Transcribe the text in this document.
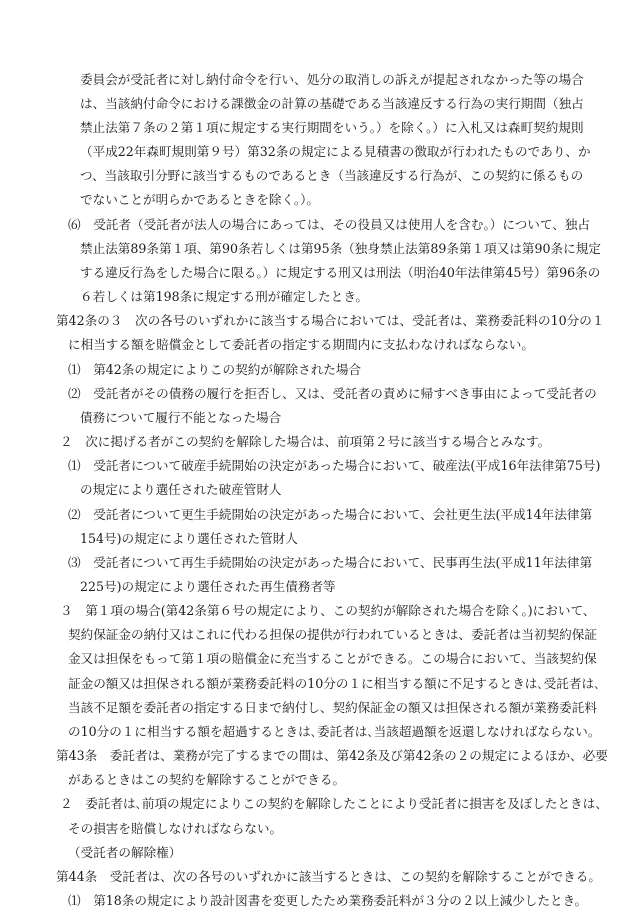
委員会が受託者に対し納付命令を行い、処分の取消しの訴えが提起されなかった等の場合
は、当該納付命令における課徴金の計算の基礎である当該違反する行為の実行期間（独占
禁止法第７条の２第１項に規定する実行期間をいう。）を除く。）に入札又は森町契約規則
（平成22年森町規則第９号）第32条の規定による見積書の徴取が行われたものであり、か
つ、当該取引分野に該当するものであるとき（当該違反する行為が、この契約に係るもの
でないことが明らかであるときを除く。）。
⑹　受託者（受託者が法人の場合にあっては、その役員又は使用人を含む。）について、独占
禁止法第89条第１項、第90条若しくは第95条（独身禁止法第89条第１項又は第90条に規定
する違反行為をした場合に限る。）に規定する刑又は刑法（明治40年法律第45号）第96条の
６若しくは第198条に規定する刑が確定したとき。
第42条の３　次の各号のいずれかに該当する場合においては、受託者は、業務委託料の10分の１
に相当する額を賠償金として委託者の指定する期間内に支払わなければならない。
⑴　第42条の規定によりこの契約が解除された場合
⑵　受託者がその債務の履行を拒否し、又は、受託者の責めに帰すべき事由によって受託者の
債務について履行不能となった場合
２　次に掲げる者がこの契約を解除した場合は、前項第２号に該当する場合とみなす。
⑴　受託者について破産手続開始の決定があった場合において、破産法(平成16年法律第75号)
の規定により選任された破産管財人
⑵　受託者について更生手続開始の決定があった場合において、会社更生法(平成14年法律第
154号)の規定により選任された管財人
⑶　受託者について再生手続開始の決定があった場合において、民事再生法(平成11年法律第
225号)の規定により選任された再生債務者等
３　第１項の場合(第42条第６号の規定により、この契約が解除された場合を除く。)において、
契約保証金の納付又はこれに代わる担保の提供が行われているときは、委託者は当初契約保証
金又は担保をもって第１項の賠償金に充当することができる。この場合において、当該契約保
証金の額又は担保される額が業務委託料の10分の１に相当する額に不足するときは､受託者は､
当該不足額を委託者の指定する日まで納付し、契約保証金の額又は担保される額が業務委託料
の10分の１に相当する額を超過するときは､委託者は､当該超過額を返還しなければならない。
第43条　委託者は、業務が完了するまでの間は、第42条及び第42条の２の規定によるほか、必要
があるときはこの契約を解除することができる。
２　委託者は､前項の規定によりこの契約を解除したことにより受託者に損害を及ぼしたときは、
その損害を賠償しなければならない。
（受託者の解除権）
第44条　受託者は、次の各号のいずれかに該当するときは、この契約を解除することができる。
⑴　第18条の規定により設計図書を変更したため業務委託料が３分の２以上減少したとき。
